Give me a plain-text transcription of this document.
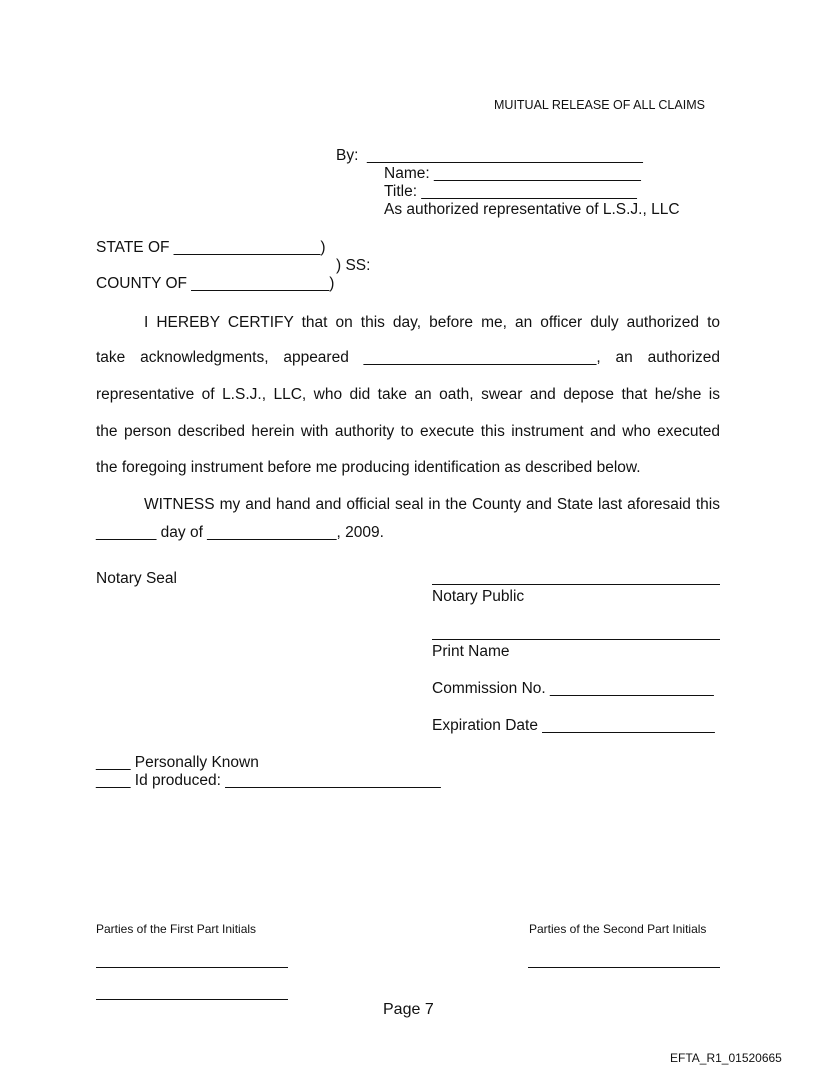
MUITUAL RELEASE OF ALL CLAIMS
By:  ________________________________
Name: ________________________
Title: _________________________
As authorized representative of L.S.J., LLC
STATE OF _________________)
) SS:
COUNTY OF ________________)
I HEREBY CERTIFY that on this day, before me, an officer duly authorized to
take acknowledgments, appeared ___________________________, an authorized
representative of L.S.J., LLC, who did take an oath, swear and depose that he/she is
the person described herein with authority to execute this instrument and who executed
the foregoing instrument before me producing identification as described below.
WITNESS my and hand and official seal in the County and State last aforesaid this
_______ day of _______________, 2009.
Notary Seal
Notary Public
Print Name
Commission No. ___________________
Expiration Date ____________________
____ Personally Known
____ Id produced: _________________________
Parties of the First Part Initials	Parties of the Second Part Initials
Page 7
EFTA_R1_01520665
